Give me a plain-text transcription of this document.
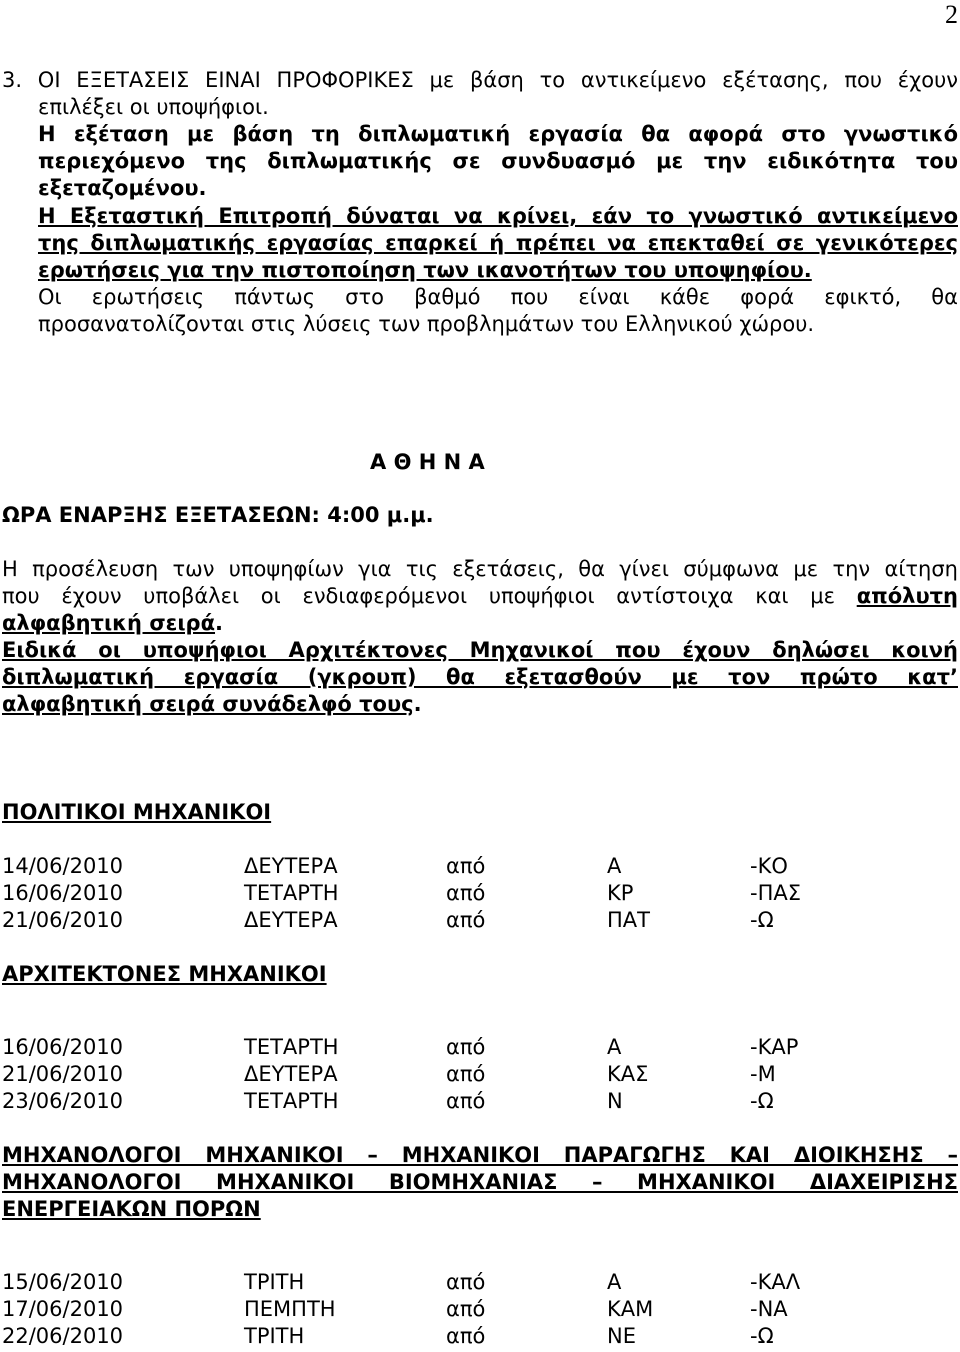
2
3. ΟΙ ΕΞΕΤΑΣΕΙΣ ΕΙΝΑΙ ΠΡΟΦΟΡΙΚΕΣ με βάση το αντικείμενο εξέτασης, που έχουν
επιλέξει οι υποψήφιοι.
Η εξέταση με βάση τη διπλωματική εργασία θα αφορά στο γνωστικό
περιεχόμενο της διπλωματικής σε συνδυασμό με την ειδικότητα του
εξεταζομένου.
Η Εξεταστική Επιτροπή δύναται να κρίνει, εάν το γνωστικό αντικείμενο
της διπλωματικής εργασίας επαρκεί ή πρέπει να επεκταθεί σε γενικότερες
ερωτήσεις για την πιστοποίηση των ικανοτήτων του υποψηφίου.
Οι ερωτήσεις πάντως στο βαθμό που είναι κάθε φορά εφικτό, θα
προσανατολίζονται στις λύσεις των προβλημάτων του Ελληνικού χώρου.
Α Θ Η Ν Α
ΩΡΑ ΕΝΑΡΞΗΣ ΕΞΕΤΑΣΕΩΝ: 4:00 μ.μ.
Η προσέλευση των υποψηφίων για τις εξετάσεις, θα γίνει σύμφωνα με την αίτηση
που έχουν υποβάλει οι ενδιαφερόμενοι υποψήφιοι αντίστοιχα και με απόλυτη
αλφαβητική σειρά.
Ειδικά οι υποψήφιοι Αρχιτέκτονες Μηχανικοί που έχουν δηλώσει κοινή
διπλωματική εργασία (γκρουπ) θα εξετασθούν με τον πρώτο κατ’
αλφαβητική σειρά συνάδελφό τους.
ΠΟΛΙΤΙΚΟΙ ΜΗΧΑΝΙΚΟΙ
14/06/2010	ΔΕΥΤΕΡΑ	από	Α	-ΚΟ
16/06/2010	ΤΕΤΑΡΤΗ	από	ΚΡ	-ΠΑΣ
21/06/2010	ΔΕΥΤΕΡΑ	από	ΠΑΤ	-Ω
ΑΡΧΙΤΕΚΤΟΝΕΣ ΜΗΧΑΝΙΚΟΙ
16/06/2010	ΤΕΤΑΡΤΗ	από	Α	-ΚΑΡ
21/06/2010	ΔΕΥΤΕΡΑ	από	ΚΑΣ	-Μ
23/06/2010	ΤΕΤΑΡΤΗ	από	Ν	-Ω
ΜΗΧΑΝΟΛΟΓΟΙ ΜΗΧΑΝΙΚΟΙ – ΜΗΧΑΝΙΚΟΙ ΠΑΡΑΓΩΓΗΣ ΚΑΙ ΔΙΟΙΚΗΣΗΣ –
ΜΗΧΑΝΟΛΟΓΟΙ ΜΗΧΑΝΙΚΟΙ ΒΙΟΜΗΧΑΝΙΑΣ – ΜΗΧΑΝΙΚΟΙ ΔΙΑΧΕΙΡΙΣΗΣ
ΕΝΕΡΓΕΙΑΚΩΝ ΠΟΡΩΝ
15/06/2010	ΤΡΙΤΗ	από	Α	-ΚΑΛ
17/06/2010	ΠΕΜΠΤΗ	από	ΚΑΜ	-ΝΑ
22/06/2010	ΤΡΙΤΗ	από	ΝΕ	-Ω
